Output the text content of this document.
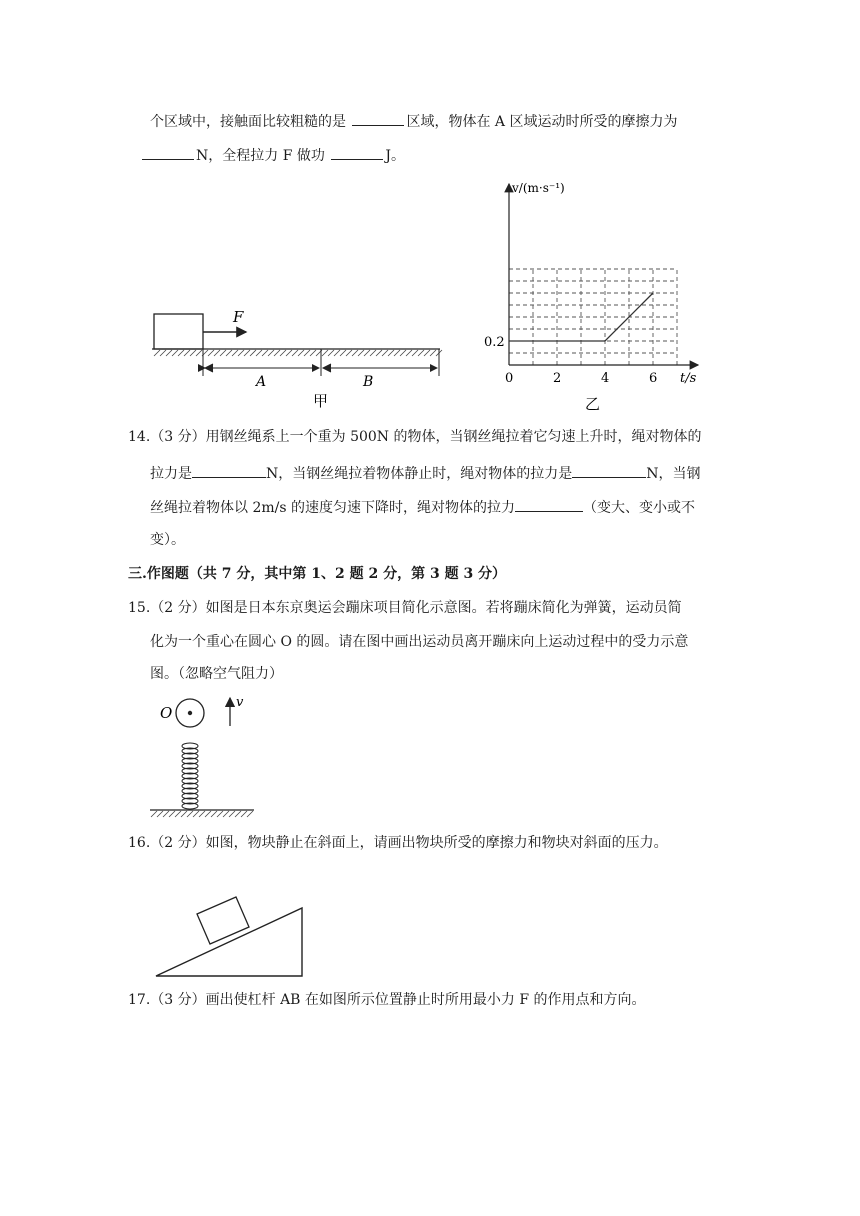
个区域中，接触面比较粗糙的是	区域，物体在 A 区域运动时所受的摩擦力为
N，全程拉力 F 做功	J。
F
A	B
甲
v/(m·s⁻¹)
t/s
0	2	4	6
0.2
乙
14.（3 分）用钢丝绳系上一个重为 500N 的物体，当钢丝绳拉着它匀速上升时，绳对物体的
拉力是	N，当钢丝绳拉着物体静止时，绳对物体的拉力是	N，当钢
丝绳拉着物体以 2m/s 的速度匀速下降时，绳对物体的拉力	（变大、变小或不
变）。
三.作图题（共 7 分，其中第 1、2 题 2 分，第 3 题 3 分）
15.（2 分）如图是日本东京奥运会蹦床项目简化示意图。若将蹦床简化为弹簧，运动员简
化为一个重心在圆心 O 的圆。请在图中画出运动员离开蹦床向上运动过程中的受力示意
图。（忽略空气阻力）
O
v
16.（2 分）如图，物块静止在斜面上，请画出物块所受的摩擦力和物块对斜面的压力。
17.（3 分）画出使杠杆 AB 在如图所示位置静止时所用最小力 F 的作用点和方向。
